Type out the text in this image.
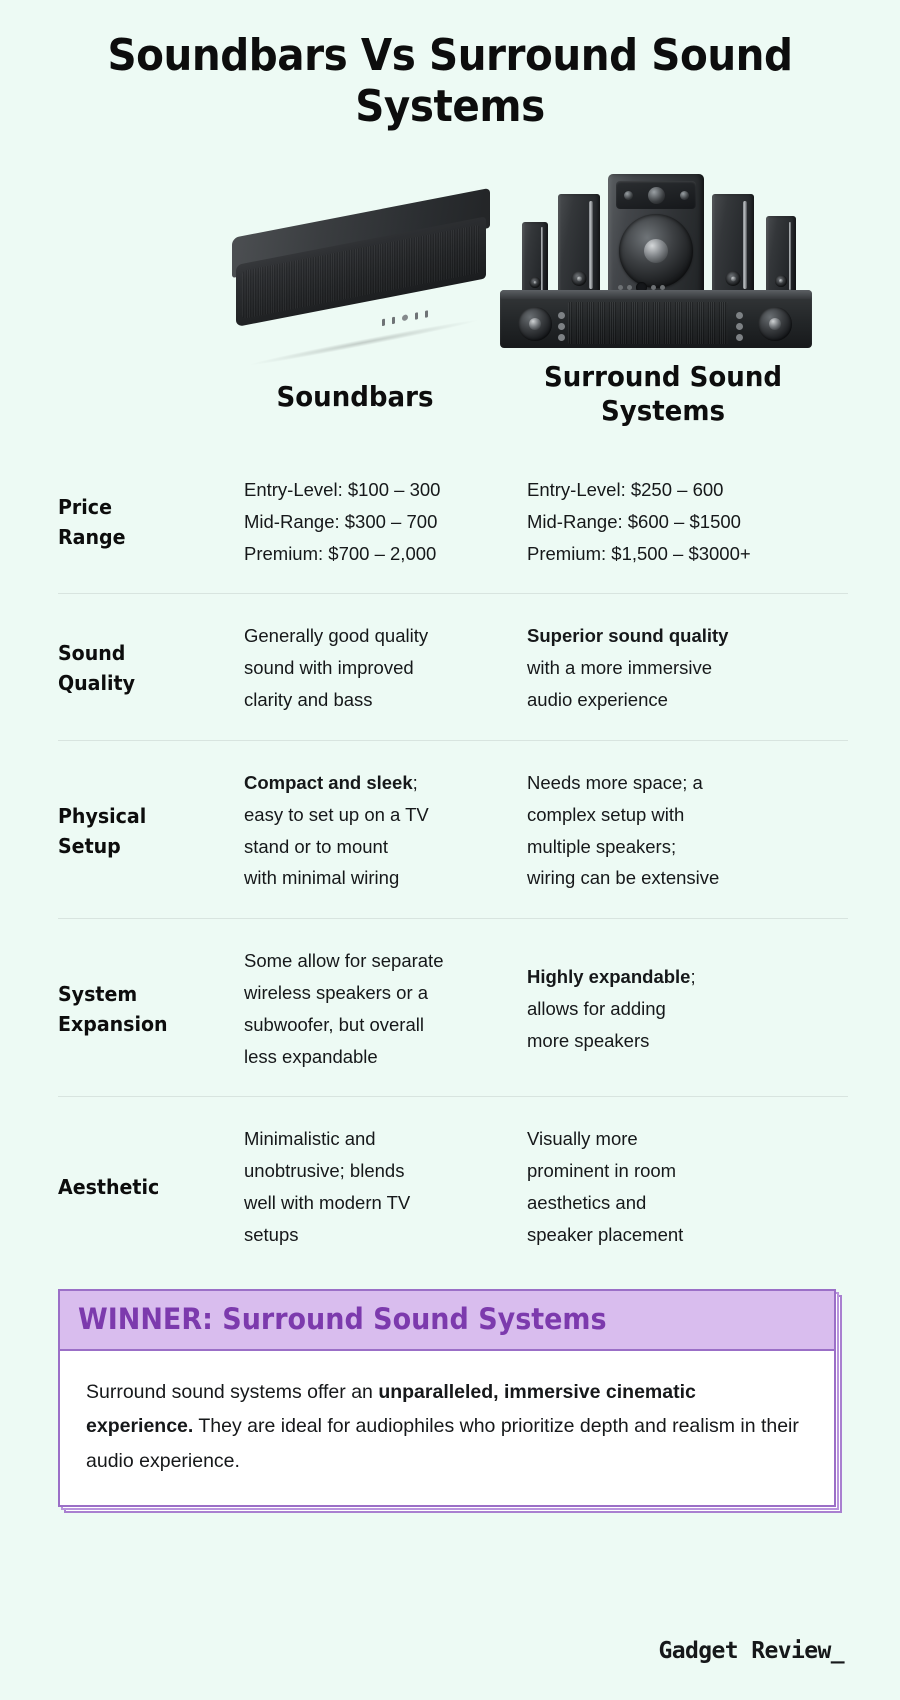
Soundbars Vs Surround Sound Systems
Soundbars
Surround Sound
Systems
Price
Range
Entry-Level: $100 – 300
Mid-Range: $300 – 700
Premium: $700 – 2,000
Entry-Level: $250 – 600
Mid-Range: $600 – $1500
Premium: $1,500 – $3000+
Sound
Quality
Generally good quality
sound with improved
clarity and bass
Superior sound quality
with a more immersive
audio experience
Physical
Setup
Compact and sleek;
easy to set up on a TV
stand or to mount
with minimal wiring
Needs more space; a
complex setup with
multiple speakers;
wiring can be extensive
System
Expansion
Some allow for separate
wireless speakers or a
subwoofer, but overall
less expandable
Highly expandable;
allows for adding
more speakers
Aesthetic
Minimalistic and
unobtrusive; blends
well with modern TV
setups
Visually more
prominent in room
aesthetics and
speaker placement
WINNER: Surround Sound Systems
Surround sound systems offer an unparalleled, immersive cinematic experience. They are ideal for audiophiles who prioritize depth and realism in their audio experience.
Gadget Review_
